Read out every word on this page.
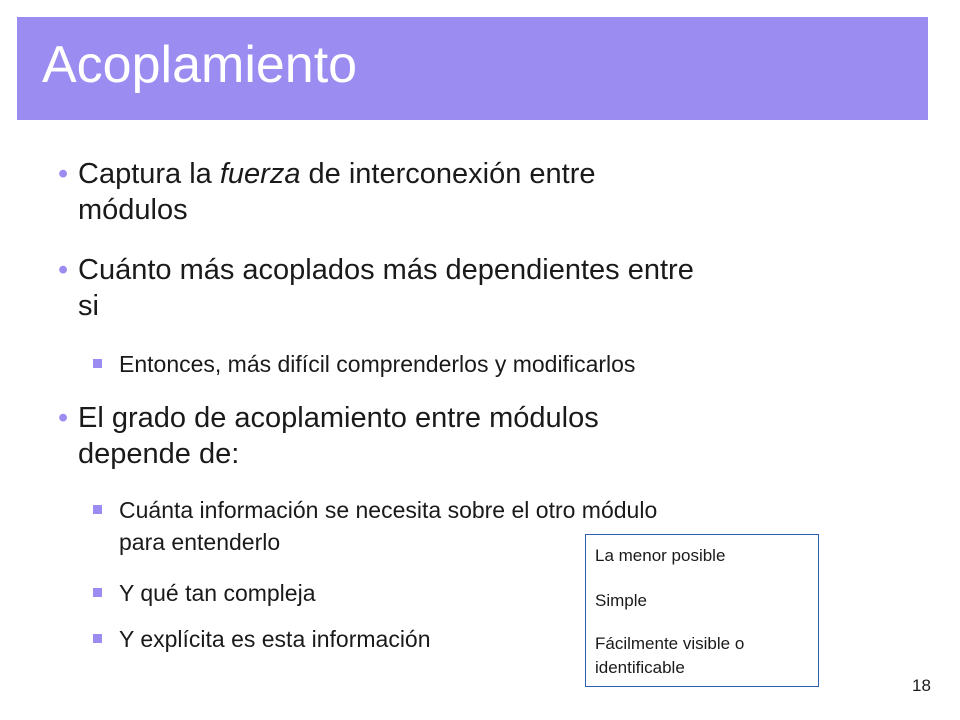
Acoplamiento
• Captura la fuerza de interconexión entre
módulos
• Cuánto más acoplados más dependientes entre
si
Entonces, más difícil comprenderlos y modificarlos
• El grado de acoplamiento entre módulos
depende de:
Cuánta información se necesita sobre el otro módulo
para entenderlo
Y qué tan compleja
Y explícita es esta información
La menor posible
Simple
Fácilmente visible o
identificable
18
